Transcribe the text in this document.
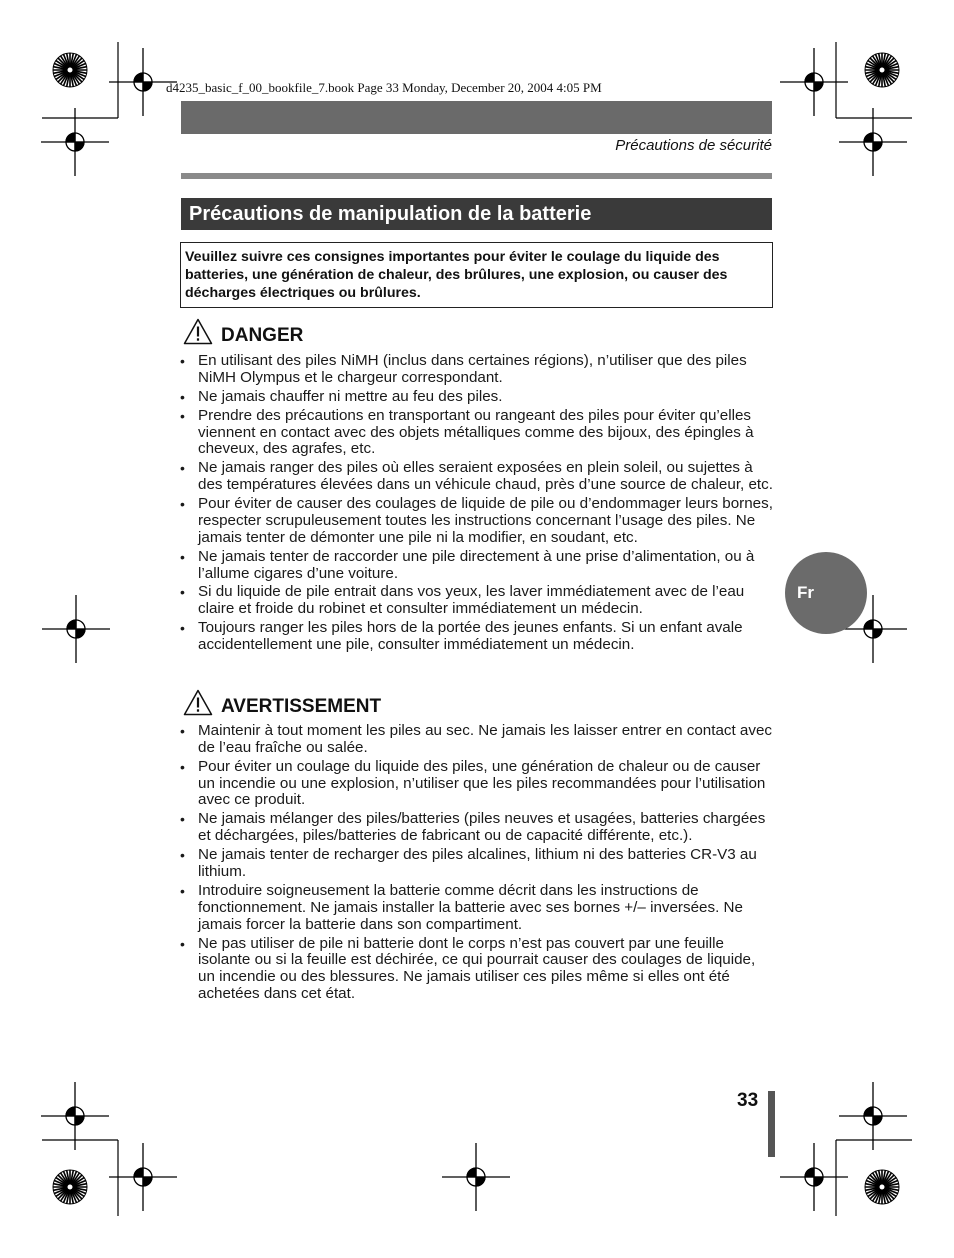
d4235_basic_f_00_bookfile_7.book Page 33 Monday, December 20, 2004 4:05 PM
Précautions de sécurité
Précautions de manipulation de la batterie
Veuillez suivre ces consignes importantes pour éviter le coulage du liquide des batteries, une génération de chaleur, des brûlures, une explosion, ou causer des décharges électriques ou brûlures.
DANGER
• En utilisant des piles NiMH (inclus dans certaines régions), n’utiliser que des piles NiMH Olympus et le chargeur correspondant.
• Ne jamais chauffer ni mettre au feu des piles.
• Prendre des précautions en transportant ou rangeant des piles pour éviter qu’elles viennent en contact avec des objets métalliques comme des bijoux, des épingles à cheveux, des agrafes, etc.
• Ne jamais ranger des piles où elles seraient exposées en plein soleil, ou sujettes à des températures élevées dans un véhicule chaud, près d’une source de chaleur, etc.
• Pour éviter de causer des coulages de liquide de pile ou d’endommager leurs bornes, respecter scrupuleusement toutes les instructions concernant l’usage des piles. Ne jamais tenter de démonter une pile ni la modifier, en soudant, etc.
• Ne jamais tenter de raccorder une pile directement à une prise d’alimentation, ou à l’allume cigares d’une voiture.
• Si du liquide de pile entrait dans vos yeux, les laver immédiatement avec de l’eau claire et froide du robinet et consulter immédiatement un médecin.
• Toujours ranger les piles hors de la portée des jeunes enfants. Si un enfant avale accidentellement une pile, consulter immédiatement un médecin.
AVERTISSEMENT
• Maintenir à tout moment les piles au sec. Ne jamais les laisser entrer en contact avec de l’eau fraîche ou salée.
• Pour éviter un coulage du liquide des piles, une génération de chaleur ou de causer un incendie ou une explosion, n’utiliser que les piles recommandées pour l’utilisation avec ce produit.
• Ne jamais mélanger des piles/batteries (piles neuves et usagées, batteries chargées et déchargées, piles/batteries de fabricant ou de capacité différente, etc.).
• Ne jamais tenter de recharger des piles alcalines, lithium ni des batteries CR-V3 au lithium.
• Introduire soigneusement la batterie comme décrit dans les instructions de fonctionnement. Ne jamais installer la batterie avec ses bornes +/– inversées. Ne jamais forcer la batterie dans son compartiment.
• Ne pas utiliser de pile ni batterie dont le corps n’est pas couvert par une feuille isolante ou si la feuille est déchirée, ce qui pourrait causer des coulages de liquide, un incendie ou des blessures. Ne jamais utiliser ces piles même si elles ont été achetées dans cet état.
Fr
33
